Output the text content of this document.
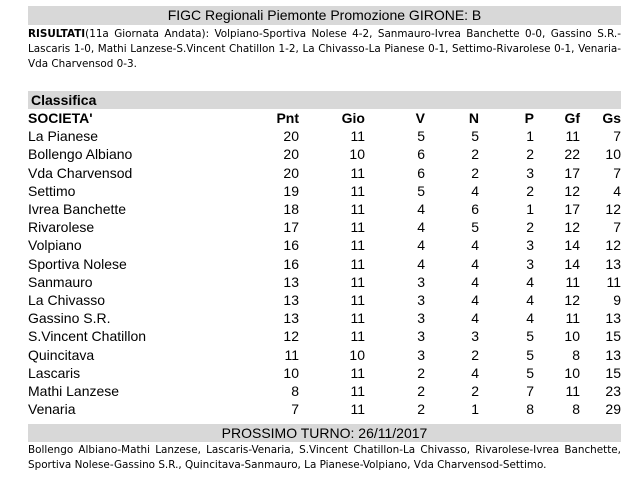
FIGC Regionali Piemonte Promozione GIRONE: B
RISULTATI(11a Giornata Andata): Volpiano-Sportiva Nolese 4-2, Sanmauro-Ivrea Banchette 0-0, Gassino S.R.-Lascaris 1-0, Mathi Lanzese-S.Vincent Chatillon 1-2, La Chivasso-La Pianese 0-1, Settimo-Rivarolese 0-1, Venaria-Vda Charvensod 0-3.
Classifica
SOCIETA'	Pnt	Gio	V	N	P	Gf	Gs
La Pianese	20	11	5	5	1	11	7
Bollengo Albiano	20	10	6	2	2	22	10
Vda Charvensod	20	11	6	2	3	17	7
Settimo	19	11	5	4	2	12	4
Ivrea Banchette	18	11	4	6	1	17	12
Rivarolese	17	11	4	5	2	12	7
Volpiano	16	11	4	4	3	14	12
Sportiva Nolese	16	11	4	4	3	14	13
Sanmauro	13	11	3	4	4	11	11
La Chivasso	13	11	3	4	4	12	9
Gassino S.R.	13	11	3	4	4	11	13
S.Vincent Chatillon	12	11	3	3	5	10	15
Quincitava	11	10	3	2	5	8	13
Lascaris	10	11	2	4	5	10	15
Mathi Lanzese	8	11	2	2	7	11	23
Venaria	7	11	2	1	8	8	29
PROSSIMO TURNO: 26/11/2017
Bollengo Albiano-Mathi Lanzese, Lascaris-Venaria, S.Vincent Chatillon-La Chivasso, Rivarolese-Ivrea Banchette, Sportiva Nolese-Gassino S.R., Quincitava-Sanmauro, La Pianese-Volpiano, Vda Charvensod-Settimo.
